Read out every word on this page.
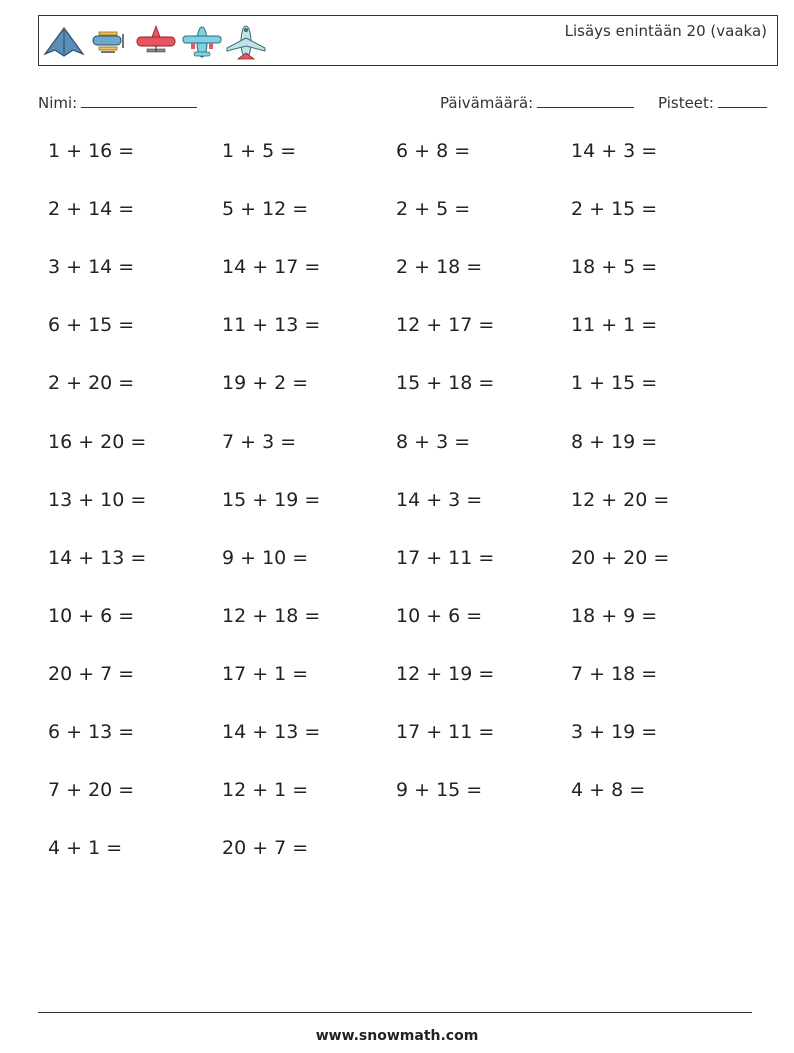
Lisäys enintään 20 (vaaka)
Nimi:	Päivämäärä:	Pisteet:
1 + 16 =	1 + 5 =	6 + 8 =	14 + 3 =
2 + 14 =	5 + 12 =	2 + 5 =	2 + 15 =
3 + 14 =	14 + 17 =	2 + 18 =	18 + 5 =
6 + 15 =	11 + 13 =	12 + 17 =	11 + 1 =
2 + 20 =	19 + 2 =	15 + 18 =	1 + 15 =
16 + 20 =	7 + 3 =	8 + 3 =	8 + 19 =
13 + 10 =	15 + 19 =	14 + 3 =	12 + 20 =
14 + 13 =	9 + 10 =	17 + 11 =	20 + 20 =
10 + 6 =	12 + 18 =	10 + 6 =	18 + 9 =
20 + 7 =	17 + 1 =	12 + 19 =	7 + 18 =
6 + 13 =	14 + 13 =	17 + 11 =	3 + 19 =
7 + 20 =	12 + 1 =	9 + 15 =	4 + 8 =
4 + 1 =	20 + 7 =
www.snowmath.com
